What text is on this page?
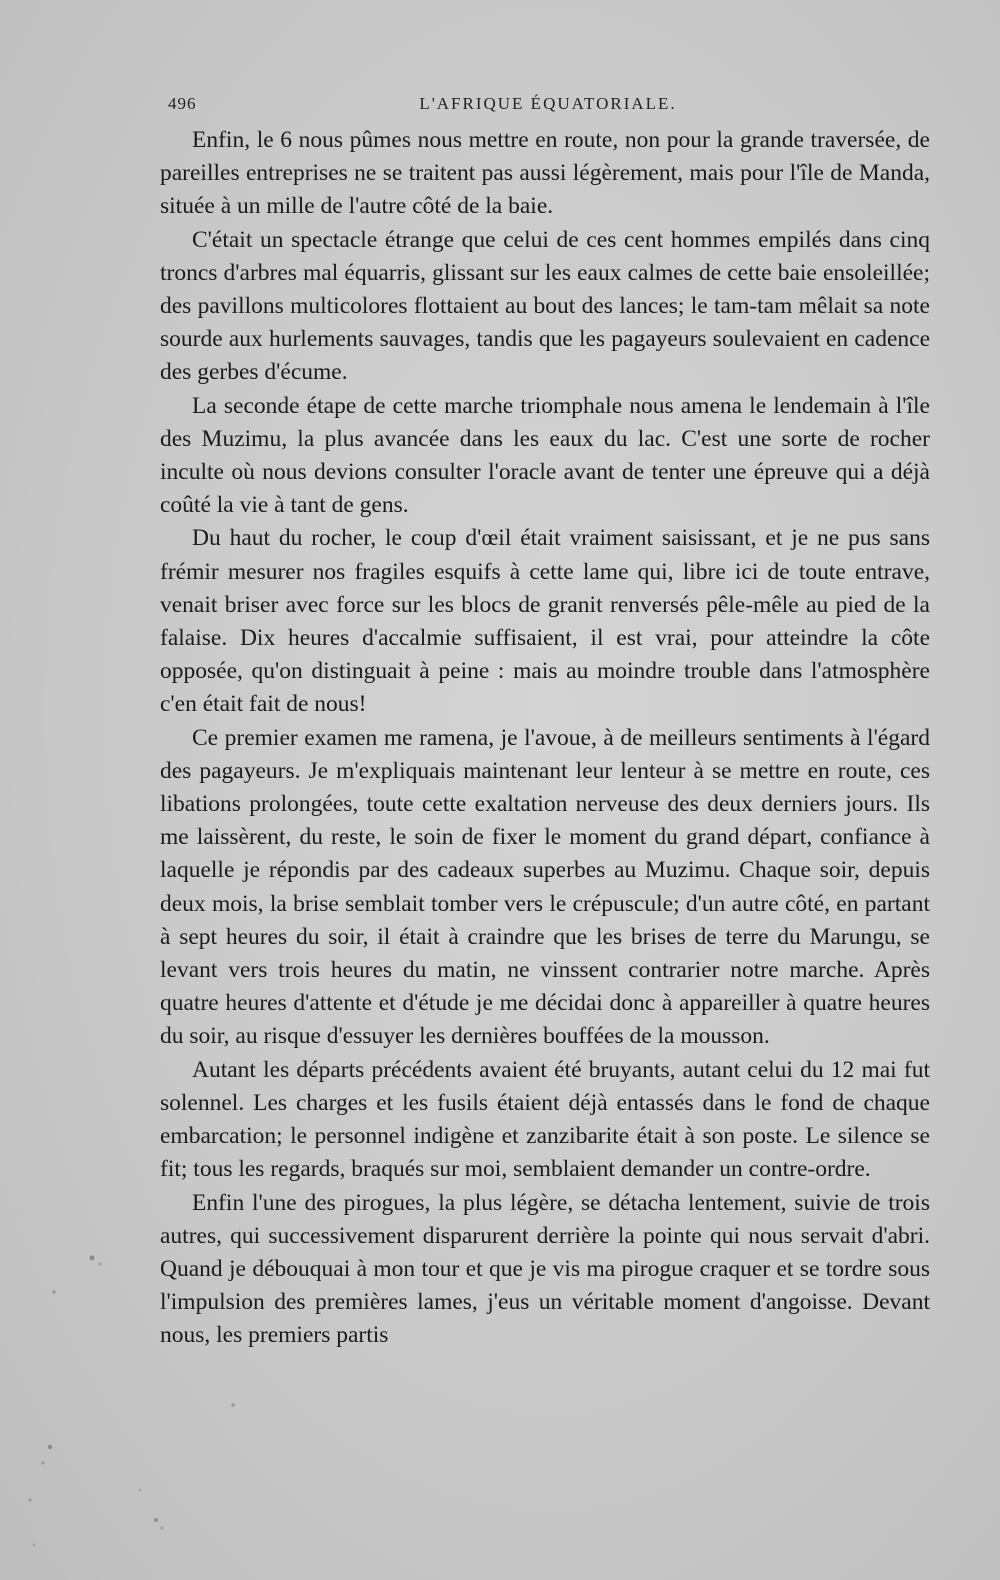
496	L'AFRIQUE ÉQUATORIALE.

Enfin, le 6 nous pûmes nous mettre en route, non pour la grande traversée, de pareilles entreprises ne se traitent pas aussi légèrement, mais pour l'île de Manda, située à un mille de l'autre côté de la baie.

C'était un spectacle étrange que celui de ces cent hommes empilés dans cinq troncs d'arbres mal équarris, glissant sur les eaux calmes de cette baie ensoleillée; des pavillons multicolores flottaient au bout des lances; le tam-tam mêlait sa note sourde aux hurlements sauvages, tandis que les pagayeurs soulevaient en cadence des gerbes d'écume.

La seconde étape de cette marche triomphale nous amena le lendemain à l'île des Muzimu, la plus avancée dans les eaux du lac. C'est une sorte de rocher inculte où nous devions consulter l'oracle avant de tenter une épreuve qui a déjà coûté la vie à tant de gens.

Du haut du rocher, le coup d'œil était vraiment saisissant, et je ne pus sans frémir mesurer nos fragiles esquifs à cette lame qui, libre ici de toute entrave, venait briser avec force sur les blocs de granit renversés pêle-mêle au pied de la falaise. Dix heures d'accalmie suffisaient, il est vrai, pour atteindre la côte opposée, qu'on distinguait à peine : mais au moindre trouble dans l'atmosphère c'en était fait de nous!

Ce premier examen me ramena, je l'avoue, à de meilleurs sentiments à l'égard des pagayeurs. Je m'expliquais maintenant leur lenteur à se mettre en route, ces libations prolongées, toute cette exaltation nerveuse des deux derniers jours. Ils me laissèrent, du reste, le soin de fixer le moment du grand départ, confiance à laquelle je répondis par des cadeaux superbes au Muzimu. Chaque soir, depuis deux mois, la brise semblait tomber vers le crépuscule; d'un autre côté, en partant à sept heures du soir, il était à craindre que les brises de terre du Marungu, se levant vers trois heures du matin, ne vinssent contrarier notre marche. Après quatre heures d'attente et d'étude je me décidai donc à appareiller à quatre heures du soir, au risque d'essuyer les dernières bouffées de la mousson.

Autant les départs précédents avaient été bruyants, autant celui du 12 mai fut solennel. Les charges et les fusils étaient déjà entassés dans le fond de chaque embarcation; le personnel indigène et zanzibarite était à son poste. Le silence se fit; tous les regards, braqués sur moi, semblaient demander un contre-ordre.

Enfin l'une des pirogues, la plus légère, se détacha lentement, suivie de trois autres, qui successivement disparurent derrière la pointe qui nous servait d'abri. Quand je débouquai à mon tour et que je vis ma pirogue craquer et se tordre sous l'impulsion des premières lames, j'eus un véritable moment d'angoisse. Devant nous, les premiers partis
